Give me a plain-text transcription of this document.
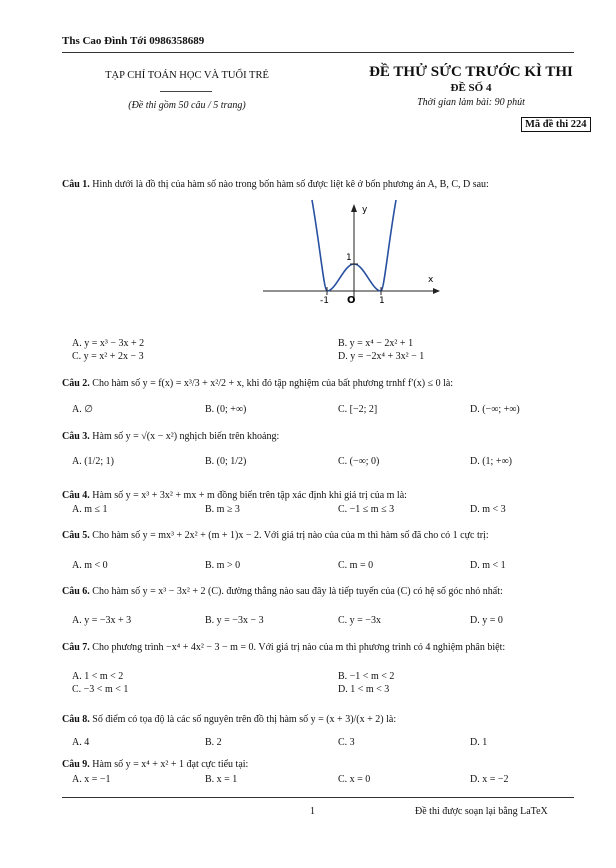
Ths Cao Đình Tới 0986358689
TẠP CHÍ TOÁN HỌC VÀ TUỔI TRẺ
(Đề thi gồm 50 câu / 5 trang)
ĐỀ THỬ SỨC TRƯỚC KÌ THI
ĐỀ SỐ 4
Thời gian làm bài: 90 phút
Mã đề thi 224
Câu 1. Hình dưới là đồ thị của hàm số nào trong bốn hàm số được liệt kê ở bốn phương án A, B, C, D sau:
y
x
1
O
-1	1
A. y = x³ − 3x + 2	B. y = x⁴ − 2x² + 1
C. y = x² + 2x − 3	D. y = −2x⁴ + 3x² − 1
Câu 2. Cho hàm số y = f(x) = x³/3 + x²/2 + x, khi đó tập nghiệm của bất phương trnhf f′(x) ≤ 0 là:
A. ∅	B. (0; +∞)	C. [−2; 2]	D. (−∞; +∞)
Câu 3. Hàm số y = √(x − x²) nghịch biến trên khoảng:
A. (1/2; 1)	B. (0; 1/2)	C. (−∞; 0)	D. (1; +∞)
Câu 4. Hàm số y = x³ + 3x² + mx + m đồng biến trên tập xác định khi giá trị của m là:
A. m ≤ 1	B. m ≥ 3	C. −1 ≤ m ≤ 3	D. m < 3
Câu 5. Cho hàm số y = mx³ + 2x² + (m + 1)x − 2. Với giá trị nào của của m thì hàm số đã cho có 1 cực trị:
A. m < 0	B. m > 0	C. m = 0	D. m < 1
Câu 6. Cho hàm số y = x³ − 3x² + 2 (C). đường thẳng nào sau đây là tiếp tuyến của (C) có hệ số góc nhỏ nhất:
A. y = −3x + 3	B. y = −3x − 3	C. y = −3x	D. y = 0
Câu 7. Cho phương trình −x⁴ + 4x² − 3 − m = 0. Với giá trị nào của m thì phương trình có 4 nghiệm phân biệt:
A. 1 < m < 2	B. −1 < m < 2
C. −3 < m < 1	D. 1 < m < 3
Câu 8. Số điểm có tọa độ là các số nguyên trên đồ thị hàm số y = (x + 3)/(x + 2) là:
A. 4	B. 2	C. 3	D. 1
Câu 9. Hàm số y = x⁴ + x² + 1 đạt cực tiểu tại:
A. x = −1	B. x = 1	C. x = 0	D. x = −2
1	Đề thi được soạn lại bằng LaTeX
